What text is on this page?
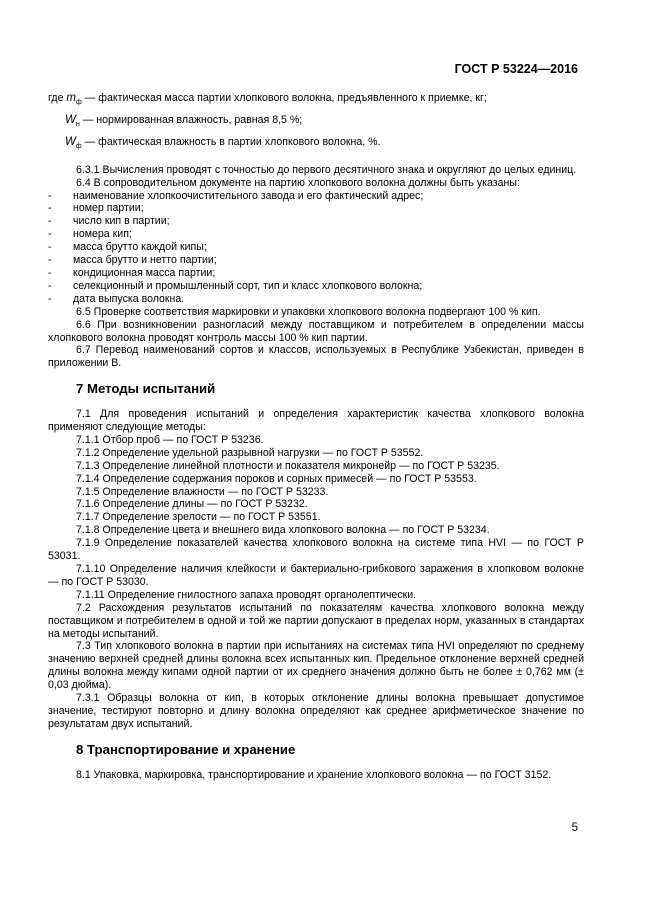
ГОСТ Р 53224—2016
где $m_ф$ — фактическая масса партии хлопкового волокна, предъявленного к приемке, кг;
$W_н$ — нормированная влажность, равная 8,5 %;
$W_ф$ — фактическая влажность в партии хлопкового волокна, %.
6.3.1 Вычисления проводят с точностью до первого десятичного знака и округляют до целых единиц.
6.4 В сопроводительном документе на партию хлопкового волокна должны быть указаны:
- наименование хлопкоочистительного завода и его фактический адрес;
- номер партии;
- число кип в партии;
- номера кип;
- масса брутто каждой кипы;
- масса брутто и нетто партии;
- кондиционная масса партии;
- селекционный и промышленный сорт, тип и класс хлопкового волокна;
- дата выпуска волокна.
6.5 Проверке соответствия маркировки и упаковки хлопкового волокна подвергают 100 % кип.
6.6 При возникновении разногласий между поставщиком и потребителем в определении массы хлопкового волокна проводят контроль массы 100 % кип партии.
6.7 Перевод наименований сортов и классов, используемых в Республике Узбекистан, приведен в приложении В.
7 Методы испытаний
7.1 Для проведения испытаний и определения характеристик качества хлопкового волокна применяют следующие методы:
7.1.1 Отбор проб — по ГОСТ Р 53236.
7.1.2 Определение удельной разрывной нагрузки — по ГОСТ Р 53552.
7.1.3 Определение линейной плотности и показателя микронейр — по ГОСТ Р 53235.
7.1.4 Определение содержания пороков и сорных примесей — по ГОСТ Р 53553.
7.1.5 Определение влажности — по ГОСТ Р 53233.
7.1.6 Определение длины — по ГОСТ Р 53232.
7.1.7 Определение зрелости — по ГОСТ Р 53551.
7.1.8 Определение цвета и внешнего вида хлопкового волокна — по ГОСТ Р 53234.
7.1.9 Определение показателей качества хлопкового волокна на системе типа HVI — по ГОСТ Р 53031.
7.1.10 Определение наличия клейкости и бактериально-грибкового заражения в хлопковом волокне — по ГОСТ Р 53030.
7.1.11 Определение гнилостного запаха проводят органолептически.
7.2 Расхождения результатов испытаний по показателям качества хлопкового волокна между поставщиком и потребителем в одной и той же партии допускают в пределах норм, указанных в стандартах на методы испытаний.
7.3 Тип хлопкового волокна в партии при испытаниях на системах типа HVI определяют по среднему значению верхней средней длины волокна всех испытанных кип. Предельное отклонение верхней средней длины волокна между кипами одной партии от их среднего значения должно быть не более ± 0,762 мм (± 0,03 дюйма).
7.3.1 Образцы волокна от кип, в которых отклонение длины волокна превышает допустимое значение, тестируют повторно и длину волокна определяют как среднее арифметическое значение по результатам двух испытаний.
8 Транспортирование и хранение
8.1 Упаковка, маркировка, транспортирование и хранение хлопкового волокна — по ГОСТ 3152.
5
